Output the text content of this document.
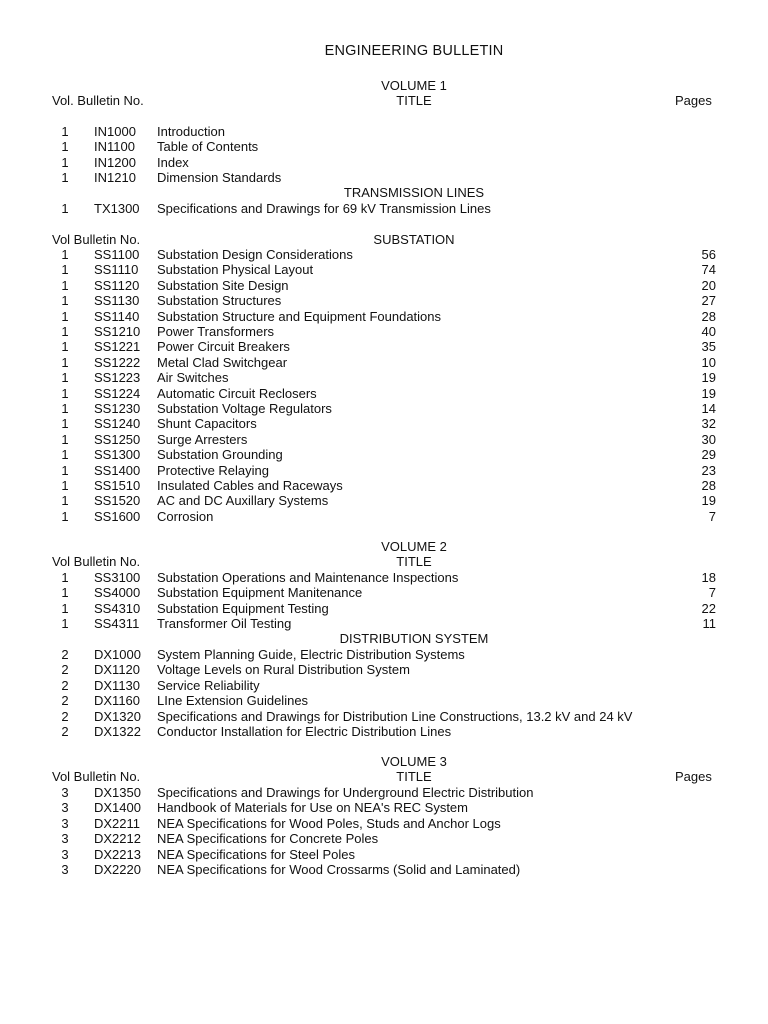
ENGINEERING BULLETIN
VOLUME 1
Vol. Bulletin No.	TITLE	Pages
1 IN1000 Introduction
1 IN1100 Table of Contents
1 IN1200 Index
1 IN1210 Dimension Standards
TRANSMISSION LINES
1 TX1300 Specifications and Drawings for 69 kV Transmission Lines
Vol Bulletin No.	SUBSTATION
1 SS1100 Substation Design Considerations	56
1 SS1110 Substation Physical Layout	74
1 SS1120 Substation Site Design	20
1 SS1130 Substation Structures	27
1 SS1140 Substation Structure and Equipment Foundations	28
1 SS1210 Power Transformers	40
1 SS1221 Power Circuit Breakers	35
1 SS1222 Metal Clad Switchgear	10
1 SS1223 Air Switches	19
1 SS1224 Automatic Circuit Reclosers	19
1 SS1230 Substation Voltage Regulators	14
1 SS1240 Shunt Capacitors	32
1 SS1250 Surge Arresters	30
1 SS1300 Substation Grounding	29
1 SS1400 Protective Relaying	23
1 SS1510 Insulated Cables and Raceways	28
1 SS1520 AC and DC Auxillary Systems	19
1 SS1600 Corrosion	7
VOLUME 2
Vol Bulletin No.	TITLE
1 SS3100 Substation Operations and Maintenance Inspections	18
1 SS4000 Substation Equipment Manitenance	7
1 SS4310 Substation Equipment Testing	22
1 SS4311 Transformer Oil Testing	11
DISTRIBUTION SYSTEM
2 DX1000 System Planning Guide, Electric Distribution Systems
2 DX1120 Voltage Levels on Rural Distribution System
2 DX1130 Service Reliability
2 DX1160 LIne Extension Guidelines
2 DX1320 Specifications and Drawings for Distribution Line Constructions, 13.2 kV and 24 kV
2 DX1322 Conductor Installation for Electric Distribution Lines
VOLUME 3
Vol Bulletin No.	TITLE	Pages
3 DX1350 Specifications and Drawings for Underground Electric Distribution
3 DX1400 Handbook of Materials for Use on NEA's REC System
3 DX2211 NEA Specifications for Wood Poles, Studs and Anchor Logs
3 DX2212 NEA Specifications for Concrete Poles
3 DX2213 NEA Specifications for Steel Poles
3 DX2220 NEA Specifications for Wood Crossarms (Solid and Laminated)
